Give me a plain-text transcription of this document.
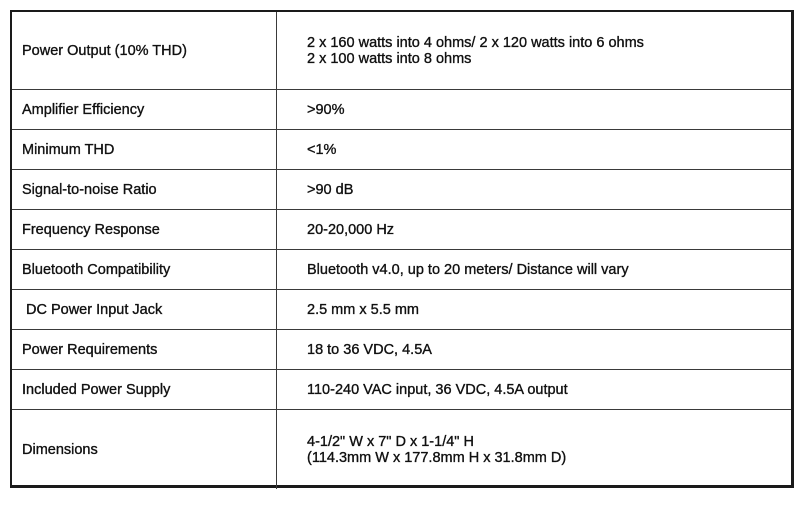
Power Output (10% THD)	2 x 160 watts into 4 ohms/ 2 x 120 watts into 6 ohms
2 x 100 watts into 8 ohms
Amplifier Efficiency	>90%
Minimum THD	<1%
Signal-to-noise Ratio	>90 dB
Frequency Response	20-20,000 Hz
Bluetooth Compatibility	Bluetooth v4.0, up to 20 meters/ Distance will vary
DC Power Input Jack	2.5 mm x 5.5 mm
Power Requirements	18 to 36 VDC, 4.5A
Included Power Supply	110-240 VAC input, 36 VDC, 4.5A output
Dimensions	4-1/2" W x 7" D x 1-1/4" H
(114.3mm W x 177.8mm H x 31.8mm D)
